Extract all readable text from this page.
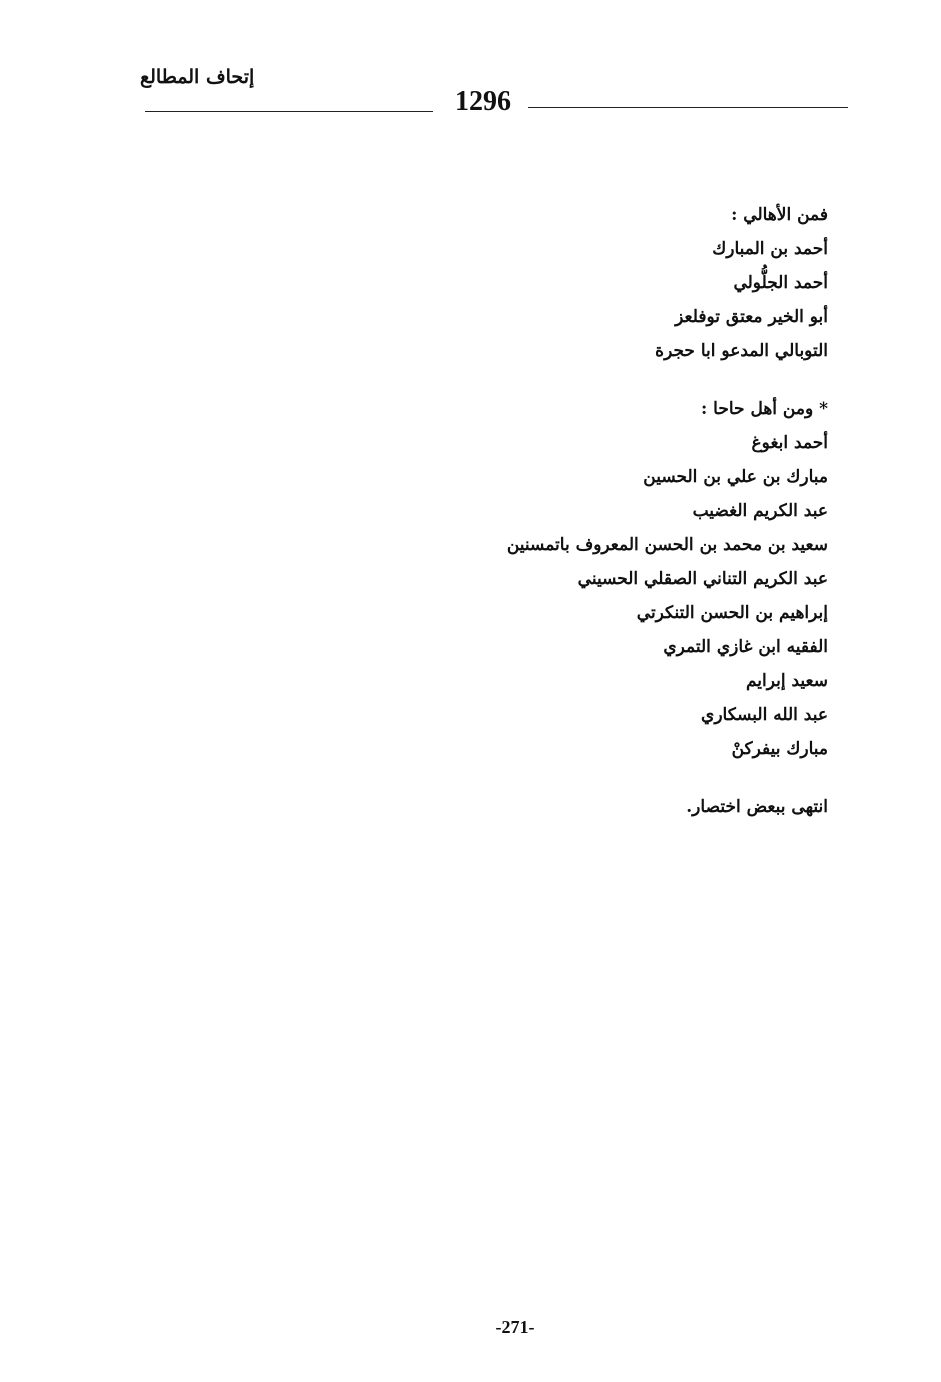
إتحاف المطالع
1296
فمن الأهالي :
أحمد بن المبارك
أحمد الجلُّولي
أبو الخير معتق توفلعز
التوبالي المدعو ابا حجرة
* ومن أهل حاحا :
أحمد ابغوغ
مبارك بن علي بن الحسين
عبد الكريم الغضيب
سعيد بن محمد بن الحسن المعروف باتمسنين
عبد الكريم التناني الصقلي الحسيني
إبراهيم بن الحسن التنكرتي
الفقيه ابن غازي التمري
سعيد إبرايم
عبد الله البسكاري
مبارك بيفركنْ
انتهى ببعض اختصار.
-271-
